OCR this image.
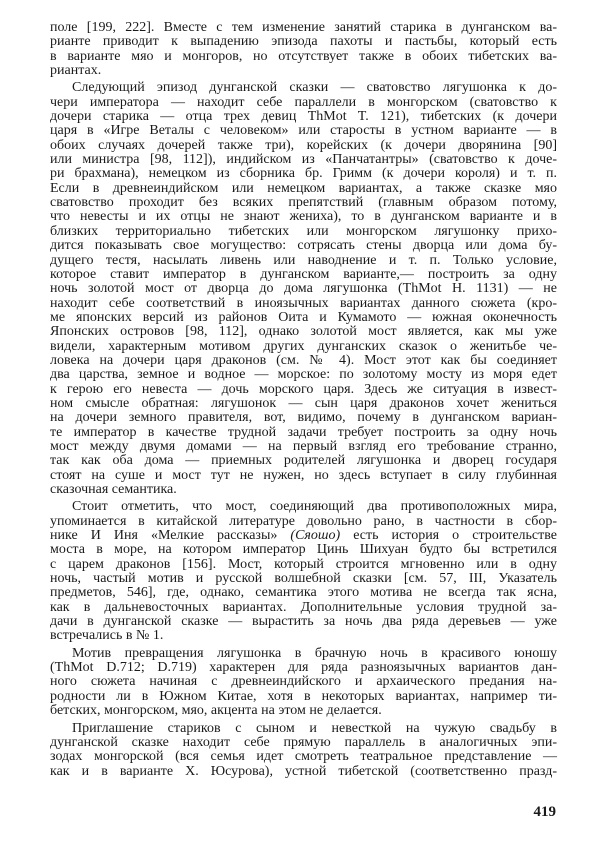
поле [199, 222]. Вместе с тем изменение занятий старика в дунганском ва-
рианте приводит к выпадению эпизода пахоты и пастьбы, который есть
в варианте мяо и монгоров, но отсутствует также в обоих тибетских ва-
риантах.
Следующий эпизод дунганской сказки — сватовство лягушонка к до-
чери императора — находит себе параллели в монгорском (сватовство к
дочери старика — отца трех девиц ThMot T. 121), тибетских (к дочери
царя в «Игре Веталы с человеком» или старосты в устном варианте — в
обоих случаях дочерей также три), корейских (к дочери дворянина [90]
или министра [98, 112]), индийском из «Панчатантры» (сватовство к доче-
ри брахмана), немецком из сборника бр. Гримм (к дочери короля) и т. п.
Если в древнеиндийском или немецком вариантах, а также сказке мяо
сватовство проходит без всяких препятствий (главным образом потому,
что невесты и их отцы не знают жениха), то в дунганском варианте и в
близких территориально тибетских или монгорском лягушонку прихо-
дится показывать свое могущество: сотрясать стены дворца или дома бу-
дущего тестя, насылать ливень или наводнение и т. п. Только условие,
которое ставит император в дунганском варианте,— построить за одну
ночь золотой мост от дворца до дома лягушонка (ThMot H. 1131) — не
находит себе соответствий в иноязычных вариантах данного сюжета (кро-
ме японских версий из районов Оита и Кумамото — южная оконечность
Японских островов [98, 112], однако золотой мост является, как мы уже
видели, характерным мотивом других дунганских сказок о женитьбе че-
ловека на дочери царя драконов (см. № 4). Мост этот как бы соединяет
два царства, земное и водное — морское: по золотому мосту из моря едет
к герою его невеста — дочь морского царя. Здесь же ситуация в извест-
ном смысле обратная: лягушонок — сын царя драконов хочет жениться
на дочери земного правителя, вот, видимо, почему в дунганском вариан-
те император в качестве трудной задачи требует построить за одну ночь
мост между двумя домами — на первый взгляд его требование странно,
так как оба дома — приемных родителей лягушонка и дворец государя
стоят на суше и мост тут не нужен, но здесь вступает в силу глубинная
сказочная семантика.
Стоит отметить, что мост, соединяющий два противоположных мира,
упоминается в китайской литературе довольно рано, в частности в сбор-
нике И Иня «Мелкие рассказы» (Сяошо) есть история о строительстве
моста в море, на котором император Цинь Шихуан будто бы встретился
с царем драконов [156]. Мост, который строится мгновенно или в одну
ночь, частый мотив и русской волшебной сказки [см. 57, III, Указатель
предметов, 546], где, однако, семантика этого мотива не всегда так ясна,
как в дальневосточных вариантах. Дополнительные условия трудной за-
дачи в дунганской сказке — вырастить за ночь два ряда деревьев — уже
встречались в № 1.
Мотив превращения лягушонка в брачную ночь в красивого юношу
(ThMot D.712; D.719) характерен для ряда разноязычных вариантов дан-
ного сюжета начиная с древнеиндийского и архаического предания на-
родности ли в Южном Китае, хотя в некоторых вариантах, например ти-
бетских, монгорском, мяо, акцента на этом не делается.
Приглашение стариков с сыном и невесткой на чужую свадьбу в
дунганской сказке находит себе прямую параллель в аналогичных эпи-
зодах монгорской (вся семья идет смотреть театральное представление —
как и в варианте Х. Юсурова), устной тибетской (соответственно празд-
419
